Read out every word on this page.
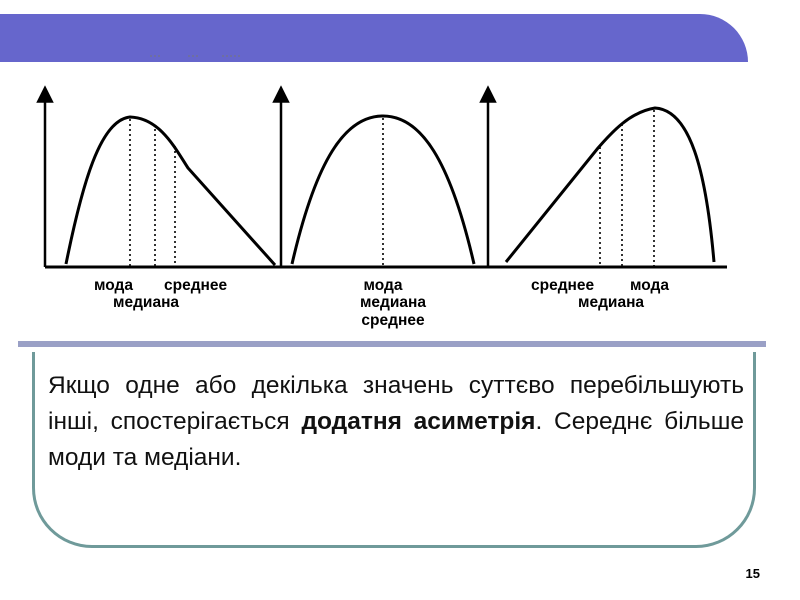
мода среднее
медиана
мода
медиана
среднее
среднее мода
медиана
Якщо одне або декілька значень суттєво перебільшують інші, спостерігається додатня асиметрія. Середнє більше моди та медіани.
15
